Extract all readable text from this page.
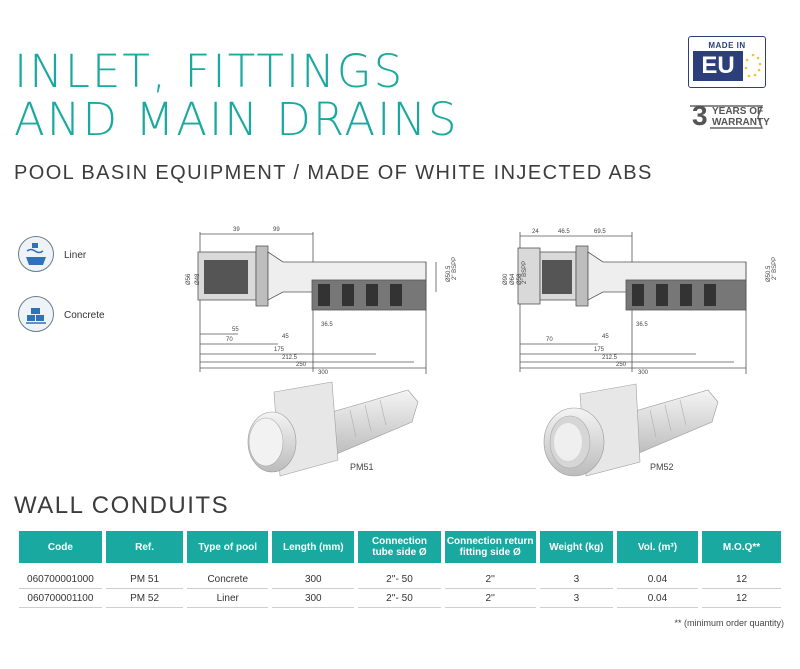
INLET, FITTINGS
AND MAIN DRAINS
POOL BASIN EQUIPMENT / MADE OF WHITE INJECTED ABS
MADE IN
EU
3 YEARS OF
WARRANTY
Liner
Concrete
39	99
Ø56 Ø48	Ø50.5 2" BSPP
55
70	45
36.5
175
212.5
250
300
24	46.5	69.5
Ø90 Ø64 Ø58 2" BSPP	Ø50.5 2" BSPP
70	45
36.5
175
212.5
250
300
PM51	PM52
WALL CONDUITS
Code	Ref.	Type of pool	Length (mm)	Connection tube side Ø	Connection return fitting side Ø	Weight (kg)	Vol. (m³)	M.O.Q**
060700001000	PM 51	Concrete	300	2''- 50	2''	3	0.04	12
060700001100	PM 52	Liner	300	2''- 50	2''	3	0.04	12
** (minimum order quantity)
